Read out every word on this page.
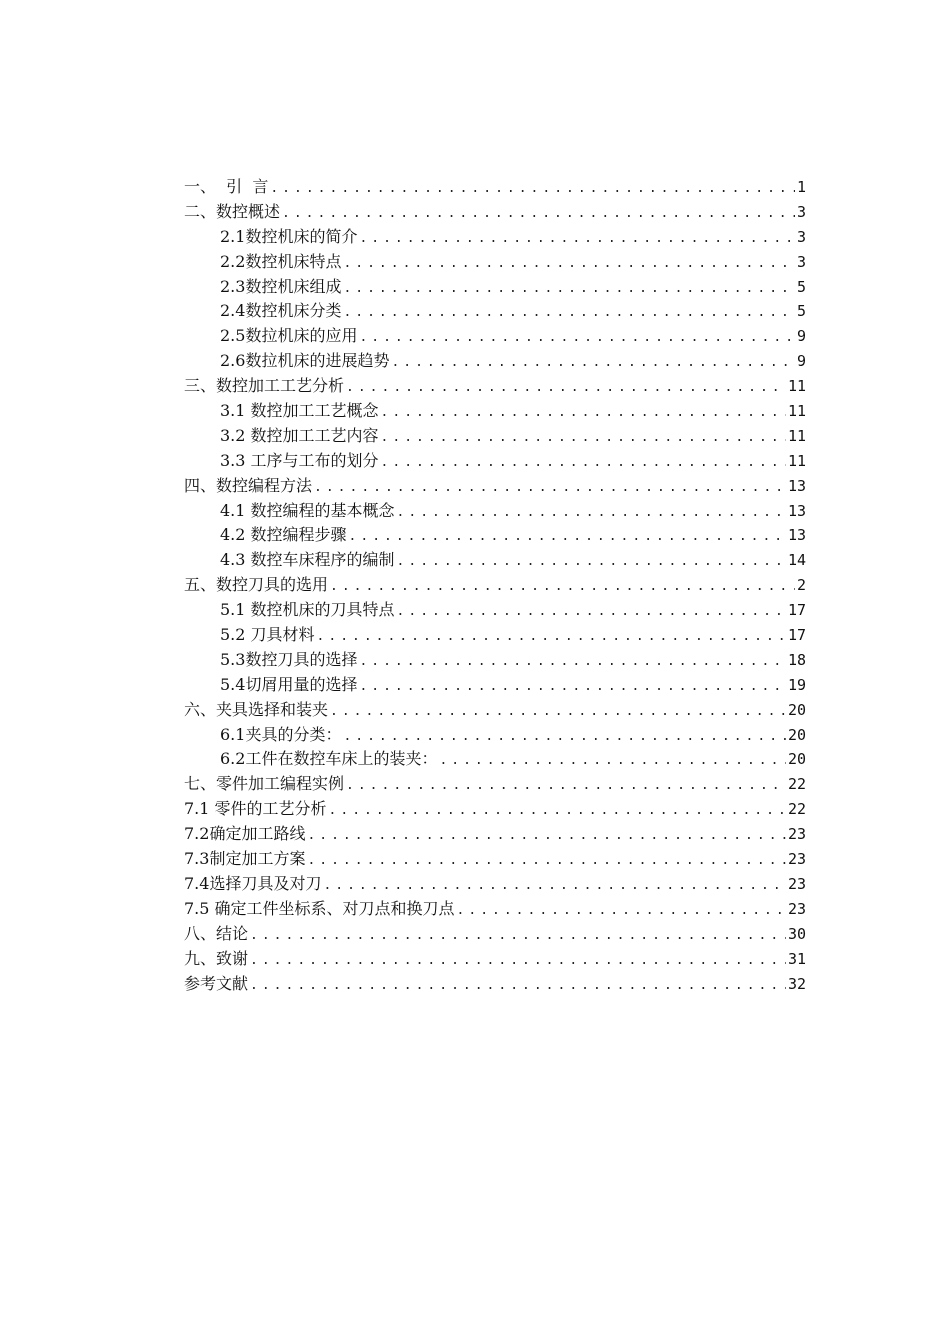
一、  引  言 .....	1
二、数控概述 .....	3
2.1数控机床的简介 .....	3
2.2数控机床特点 .....	3
2.3数控机床组成 .....	5
2.4数控机床分类 .....	5
2.5数拉机床的应用 .....	9
2.6数拉机床的进展趋势 .....	9
三、数控加工工艺分析 .....	11
3.1 数控加工工艺概念 .....	11
3.2 数控加工工艺内容 .....	11
3.3 工序与工布的划分 .....	11
四、数控编程方法 .....	13
4.1 数控编程的基本概念 .....	13
4.2 数控编程步骤 .....	13
4.3 数控车床程序的编制 .....	14
五、数控刀具的选用 .....	2
5.1 数控机床的刀具特点 .....	17
5.2 刀具材料 .....	17
5.3数控刀具的选择 .....	18
5.4切屑用量的选择 .....	19
六、夹具选择和装夹 .....	20
6.1夹具的分类： .....	20
6.2工件在数控车床上的装夹： .....	20
七、零件加工编程实例 .....	22
7.1 零件的工艺分析 .....	22
7.2确定加工路线 .....	23
7.3制定加工方案 .....	23
7.4选择刀具及对刀 .....	23
7.5 确定工件坐标系、对刀点和换刀点 .....	23
八、结论 .....	30
九、致谢 .....	31
参考文献 .....	32
